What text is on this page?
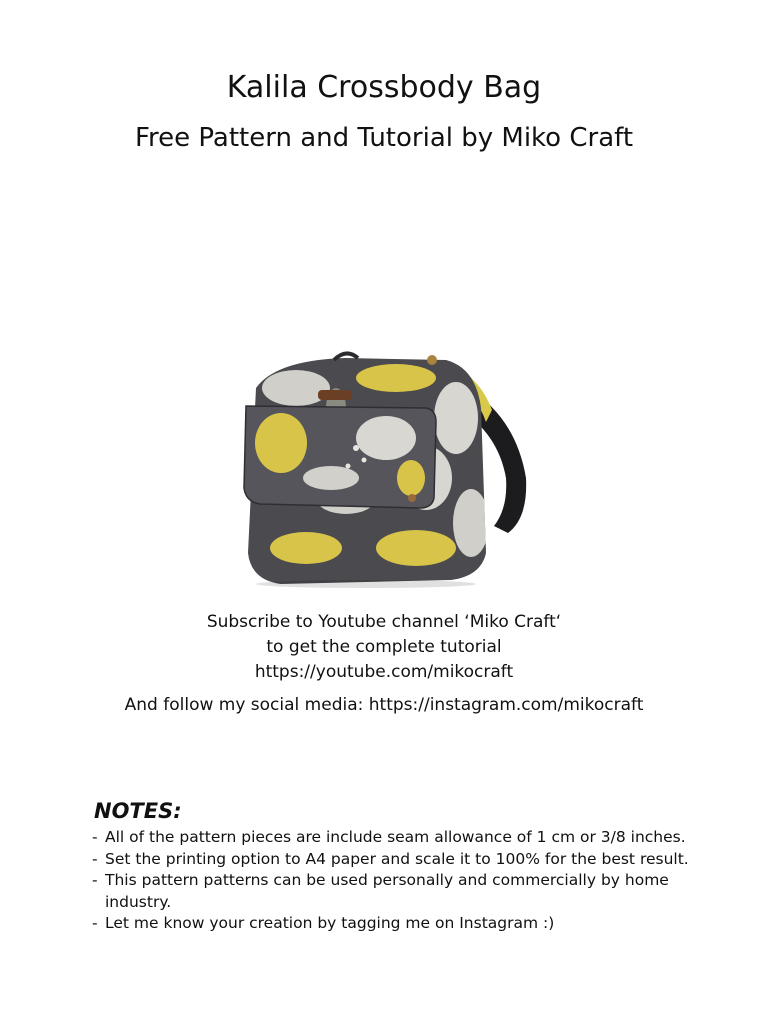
Kalila Crossbody Bag
Free Pattern and Tutorial by Miko Craft
Subscribe to Youtube channel ‘Miko Craft‘
to get the complete tutorial
https://youtube.com/mikocraft
And follow my social media: https://instagram.com/mikocraft
NOTES:
- All of the pattern pieces are include seam allowance of 1 cm or 3/8 inches.
- Set the printing option to A4 paper and scale it to 100% for the best result.
- This pattern patterns can be used personally and commercially by home industry.
- Let me know your creation by tagging me on Instagram :)
